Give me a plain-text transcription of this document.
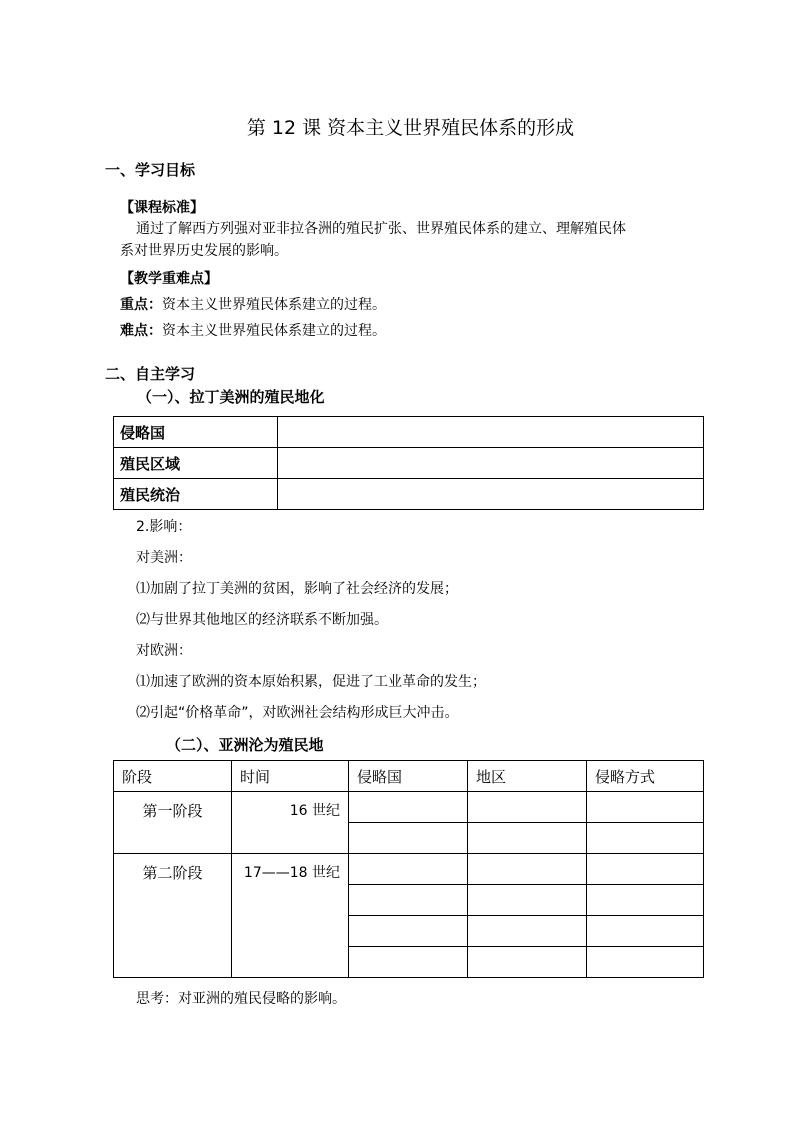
第 12 课 资本主义世界殖民体系的形成
一、学习目标
【课程标准】
通过了解西方列强对亚非拉各洲的殖民扩张、世界殖民体系的建立、理解殖民体
系对世界历史发展的影响。
【教学重难点】
重点：资本主义世界殖民体系建立的过程。
难点：资本主义世界殖民体系建立的过程。
二、自主学习
（一）、拉丁美洲的殖民地化
侵略国	
殖民区域	
殖民统治	
2.影响：
对美洲：
⑴加剧了拉丁美洲的贫困，影响了社会经济的发展；
⑵与世界其他地区的经济联系不断加强。
对欧洲：
⑴加速了欧洲的资本原始积累，促进了工业革命的发生；
⑵引起“价格革命”，对欧洲社会结构形成巨大冲击。
（二）、亚洲沦为殖民地
阶段	时间	侵略国	地区	侵略方式
第一阶段	16 世纪			

第二阶段	17——18 世纪			

思考：对亚洲的殖民侵略的影响。
